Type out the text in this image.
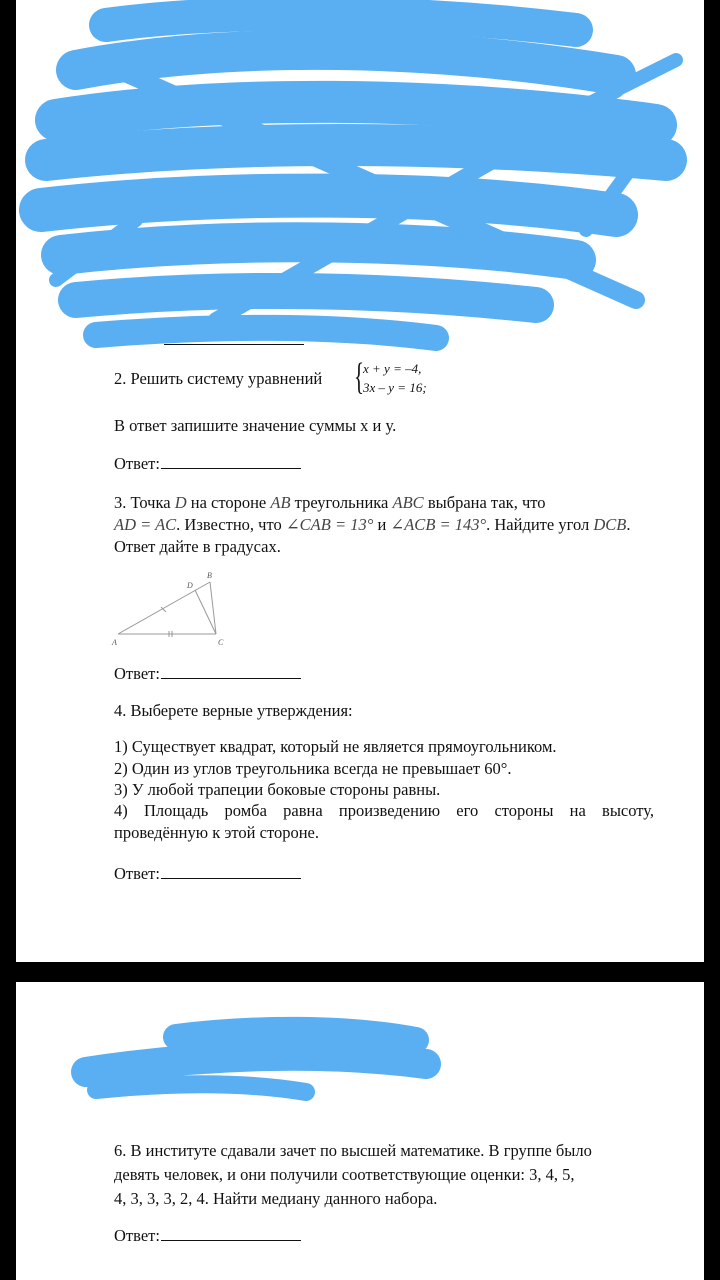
2. Решить систему уравнений {
x + y = –4,
3x – y = 16;
В ответ запишите значение суммы х и у.
Ответ:
3. Точка D на стороне AB треугольника ABC выбрана так, что
AD = AC. Известно, что ∠CAB = 13° и ∠ACB = 143°. Найдите угол DCB.
Ответ дайте в градусах.
A
B
C
D
Ответ:
4. Выберете верные утверждения:
1) Существует квадрат, который не является прямоугольником.
2) Один из углов треугольника всегда не превышает 60°.
3) У любой трапеции боковые стороны равны.
4) Площадь ромба равна произведению его стороны на высоту, проведённую к этой стороне.
Ответ:
6. В институте сдавали зачет по высшей математике. В группе было
девять человек, и они получили соответствующие оценки: 3, 4, 5,
4, 3, 3, 3, 2, 4. Найти медиану данного набора.
Ответ:
